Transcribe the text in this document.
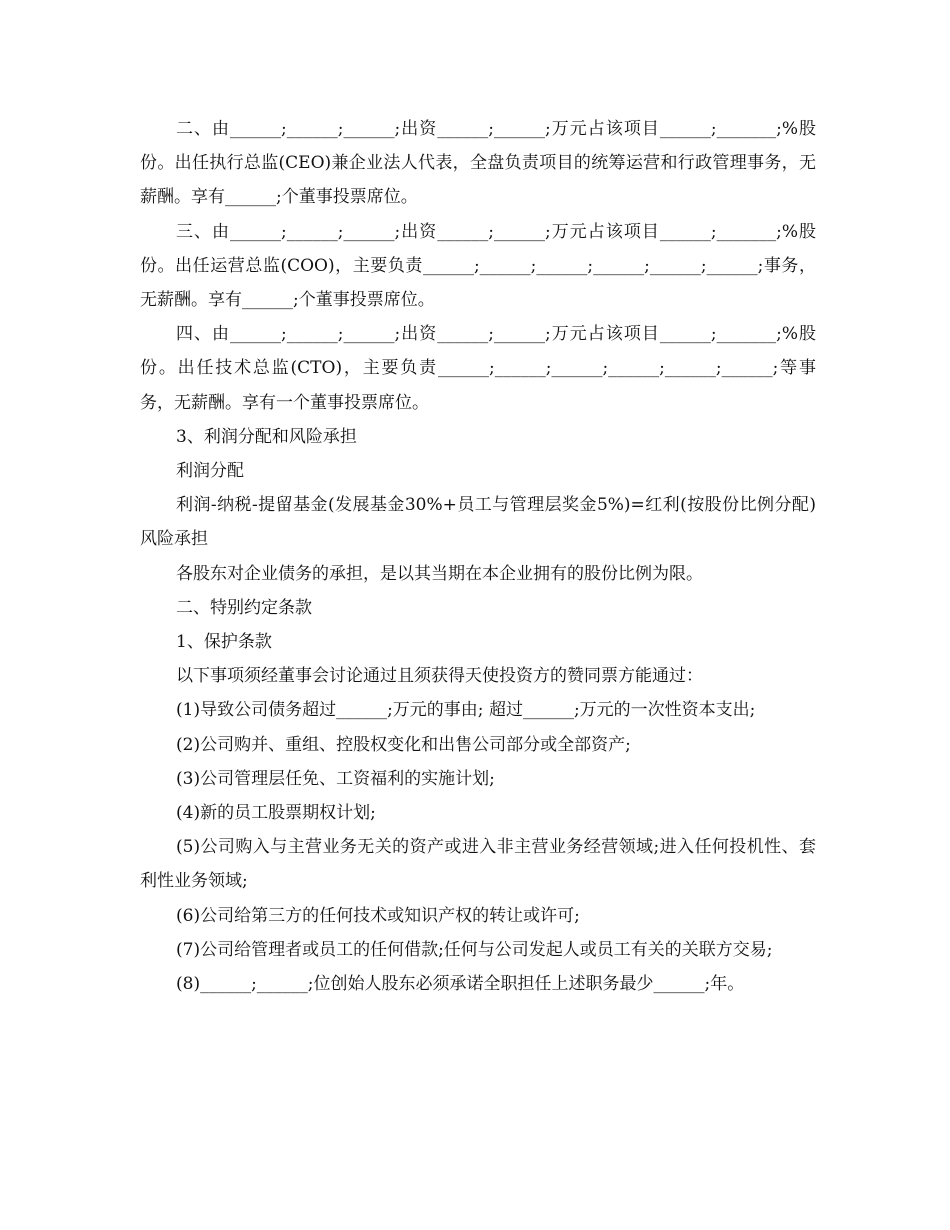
二、由______;______;______;出资______;______;万元占该项目______;_______;%股份。出任执行总监(CEO)兼企业法人代表，全盘负责项目的统筹运营和行政管理事务，无薪酬。享有______;个董事投票席位。

三、由______;______;______;出资______;______;万元占该项目______;_______;%股份。出任运营总监(COO)，主要负责______;______;______;______;______;______;事务，无薪酬。享有______;个董事投票席位。

四、由______;______;______;出资______;______;万元占该项目______;_______;%股份。出任技术总监(CTO)，主要负责______;______;______;______;______;______;等事务，无薪酬。享有一个董事投票席位。

3、利润分配和风险承担

利润分配

利润-纳税-提留基金(发展基金30%+员工与管理层奖金5%)=红利(按股份比例分配) 风险承担

各股东对企业债务的承担，是以其当期在本企业拥有的股份比例为限。

二、特别约定条款

1、保护条款

以下事项须经董事会讨论通过且须获得天使投资方的赞同票方能通过：

(1)导致公司债务超过______;万元的事由; 超过______;万元的一次性资本支出;

(2)公司购并、重组、控股权变化和出售公司部分或全部资产;

(3)公司管理层任免、工资福利的实施计划;

(4)新的员工股票期权计划;

(5)公司购入与主营业务无关的资产或进入非主营业务经营领域;进入任何投机性、套利性业务领域;

(6)公司给第三方的任何技术或知识产权的转让或许可;

(7)公司给管理者或员工的任何借款;任何与公司发起人或员工有关的关联方交易;

(8)______;______;位创始人股东必须承诺全职担任上述职务最少______;年。
